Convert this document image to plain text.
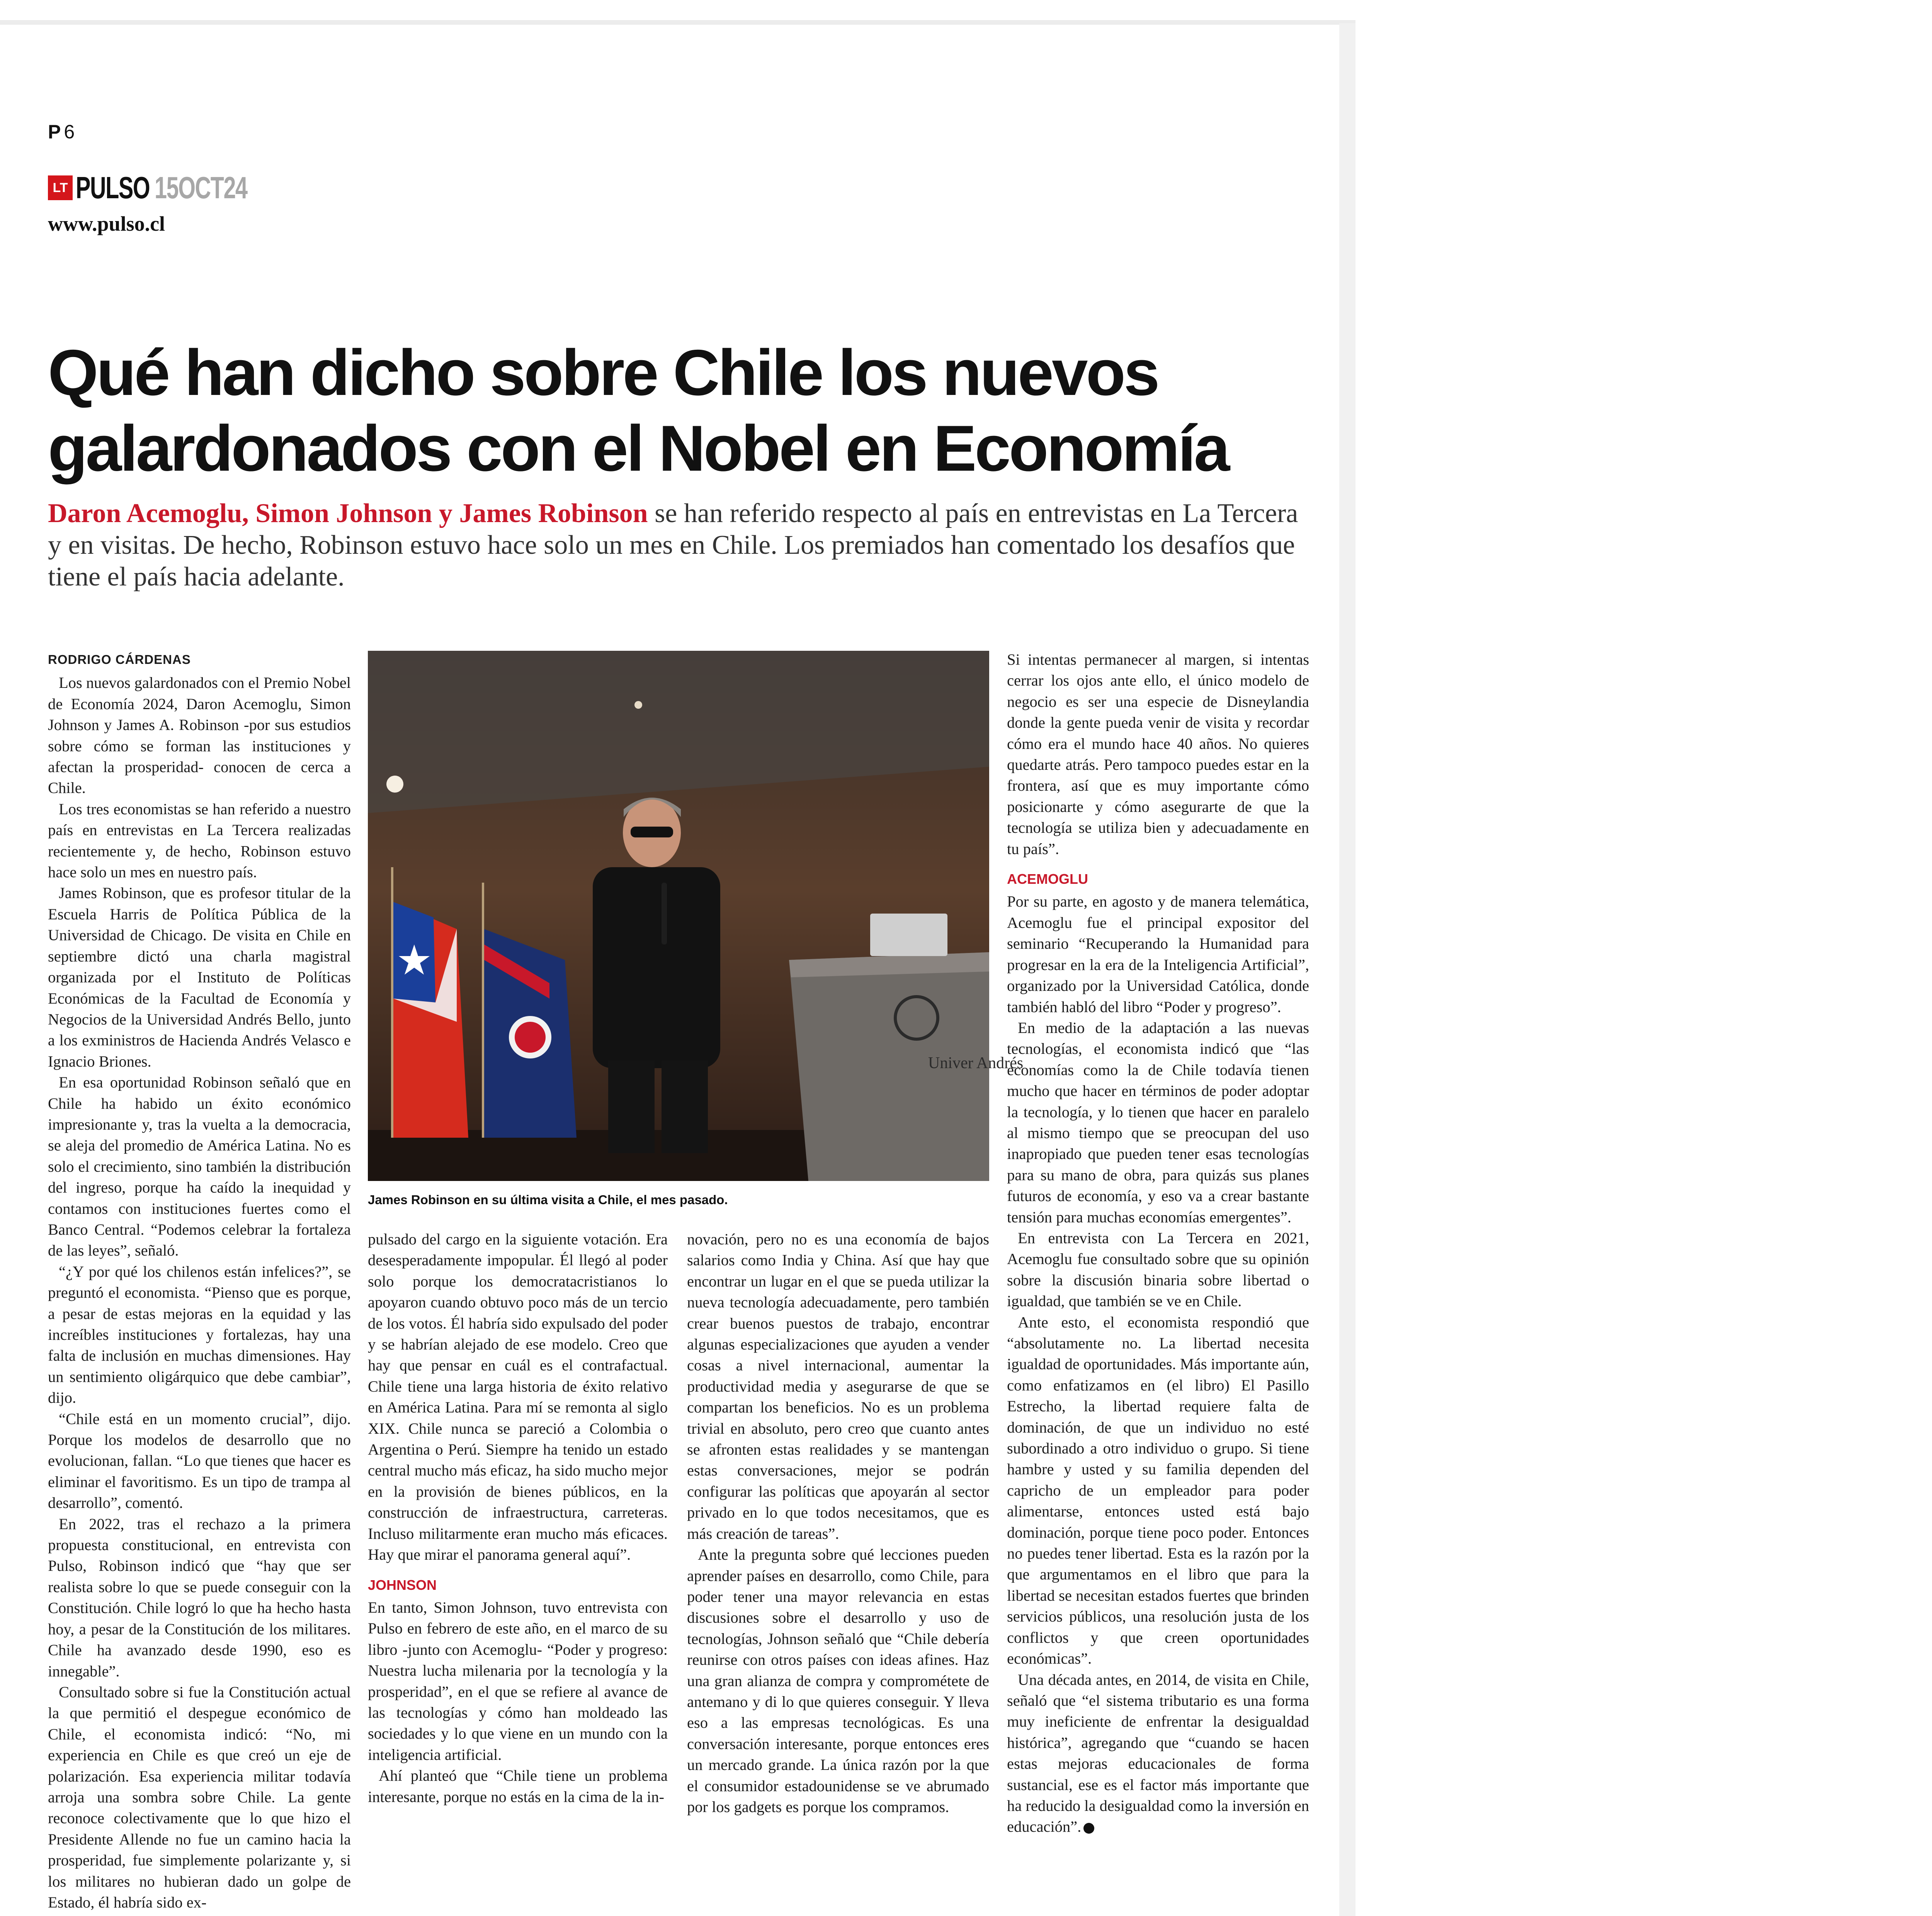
P 6
LT PULSO 15OCT24
www.pulso.cl
Qué han dicho sobre Chile los nuevos
galardonados con el Nobel en Economía

Daron Acemoglu, Simon Johnson y James Robinson se han referido respecto al país en entrevistas en La Tercera y en visitas. De hecho, Robinson estuvo hace solo un mes en Chile. Los premiados han comentado los desafíos que tiene el país hacia adelante.

RODRIGO CÁRDENAS

Los nuevos galardonados con el Premio Nobel de Economía 2024, Daron Acemoglu, Simon Johnson y James A. Robinson -por sus estudios sobre cómo se forman las instituciones y afectan la prosperidad- conocen de cerca a Chile.

Los tres economistas se han referido a nuestro país en entrevistas en La Tercera realizadas recientemente y, de hecho, Robinson estuvo hace solo un mes en nuestro país.

James Robinson, que es profesor titular de la Escuela Harris de Política Pública de la Universidad de Chicago. De visita en Chile en septiembre dictó una charla magistral organizada por el Instituto de Políticas Económicas de la Facultad de Economía y Negocios de la Universidad Andrés Bello, junto a los exministros de Hacienda Andrés Velasco e Ignacio Briones.

En esa oportunidad Robinson señaló que en Chile ha habido un éxito económico impresionante y, tras la vuelta a la democracia, se aleja del promedio de América Latina. No es solo el crecimiento, sino también la distribución del ingreso, porque ha caído la inequidad y contamos con instituciones fuertes como el Banco Central. “Podemos celebrar la fortaleza de las leyes”, señaló.

“¿Y por qué los chilenos están infelices?”, se preguntó el economista. “Pienso que es porque, a pesar de estas mejoras en la equidad y las increíbles instituciones y fortalezas, hay una falta de inclusión en muchas dimensiones. Hay un sentimiento oligárquico que debe cambiar”, dijo.

“Chile está en un momento crucial”, dijo. Porque los modelos de desarrollo que no evolucionan, fallan. “Lo que tienes que hacer es eliminar el favoritismo. Es un tipo de trampa al desarrollo”, comentó.

En 2022, tras el rechazo a la primera propuesta constitucional, en entrevista con Pulso, Robinson indicó que “hay que ser realista sobre lo que se puede conseguir con la Constitución. Chile logró lo que ha hecho hasta hoy, a pesar de la Constitución de los militares. Chile ha avanzado desde 1990, eso es innegable”.

Consultado sobre si fue la Constitución actual la que permitió el despegue económico de Chile, el economista indicó: “No, mi experiencia en Chile es que creó un eje de polarización. Esa experiencia militar todavía arroja una sombra sobre Chile. La gente reconoce colectivamente que lo que hizo el Presidente Allende no fue un camino hacia la prosperidad, fue simplemente polarizante y, si los militares no hubieran dado un golpe de Estado, él habría sido ex-

Univer Andrés
James Robinson en su última visita a Chile, el mes pasado.

pulsado del cargo en la siguiente votación. Era desesperadamente impopular. Él llegó al poder solo porque los democratacristianos lo apoyaron cuando obtuvo poco más de un tercio de los votos. Él habría sido expulsado del poder y se habrían alejado de ese modelo. Creo que hay que pensar en cuál es el contrafactual. Chile tiene una larga historia de éxito relativo en América Latina. Para mí se remonta al siglo XIX. Chile nunca se pareció a Colombia o Argentina o Perú. Siempre ha tenido un estado central mucho más eficaz, ha sido mucho mejor en la provisión de bienes públicos, en la construcción de infraestructura, carreteras. Incluso militarmente eran mucho más eficaces. Hay que mirar el panorama general aquí”.

JOHNSON

En tanto, Simon Johnson, tuvo entrevista con Pulso en febrero de este año, en el marco de su libro -junto con Acemoglu- “Poder y progreso: Nuestra lucha milenaria por la tecnología y la prosperidad”, en el que se refiere al avance de las tecnologías y cómo han moldeado las sociedades y lo que viene en un mundo con la inteligencia artificial.

Ahí planteó que “Chile tiene un problema interesante, porque no estás en la cima de la in-

novación, pero no es una economía de bajos salarios como India y China. Así que hay que encontrar un lugar en el que se pueda utilizar la nueva tecnología adecuadamente, pero también crear buenos puestos de trabajo, encontrar algunas especializaciones que ayuden a vender cosas a nivel internacional, aumentar la productividad media y asegurarse de que se compartan los beneficios. No es un problema trivial en absoluto, pero creo que cuanto antes se afronten estas realidades y se mantengan estas conversaciones, mejor se podrán configurar las políticas que apoyarán al sector privado en lo que todos necesitamos, que es más creación de tareas”.

Ante la pregunta sobre qué lecciones pueden aprender países en desarrollo, como Chile, para poder tener una mayor relevancia en estas discusiones sobre el desarrollo y uso de tecnologías, Johnson señaló que “Chile debería reunirse con otros países con ideas afines. Haz una gran alianza de compra y comprométete de antemano y di lo que quieres conseguir. Y lleva eso a las empresas tecnológicas. Es una conversación interesante, porque entonces eres un mercado grande. La única razón por la que el consumidor estadounidense se ve abrumado por los gadgets es porque los compramos.

Si intentas permanecer al margen, si intentas cerrar los ojos ante ello, el único modelo de negocio es ser una especie de Disneylandia donde la gente pueda venir de visita y recordar cómo era el mundo hace 40 años. No quieres quedarte atrás. Pero tampoco puedes estar en la frontera, así que es muy importante cómo posicionarte y cómo asegurarte de que la tecnología se utiliza bien y adecuadamente en tu país”.

ACEMOGLU

Por su parte, en agosto y de manera telemática, Acemoglu fue el principal expositor del seminario “Recuperando la Humanidad para progresar en la era de la Inteligencia Artificial”, organizado por la Universidad Católica, donde también habló del libro “Poder y progreso”.

En medio de la adaptación a las nuevas tecnologías, el economista indicó que “las economías como la de Chile todavía tienen mucho que hacer en términos de poder adoptar la tecnología, y lo tienen que hacer en paralelo al mismo tiempo que se preocupan del uso inapropiado que pueden tener esas tecnologías para su mano de obra, para quizás sus planes futuros de economía, y eso va a crear bastante tensión para muchas economías emergentes”.

En entrevista con La Tercera en 2021, Acemoglu fue consultado sobre que su opinión sobre la discusión binaria sobre libertad o igualdad, que también se ve en Chile.

Ante esto, el economista respondió que “absolutamente no. La libertad necesita igualdad de oportunidades. Más importante aún, como enfatizamos en (el libro) El Pasillo Estrecho, la libertad requiere falta de dominación, de que un individuo no esté subordinado a otro individuo o grupo. Si tiene hambre y usted y su familia dependen del capricho de un empleador para poder alimentarse, entonces usted está bajo dominación, porque tiene poco poder. Entonces no puedes tener libertad. Esta es la razón por la que argumentamos en el libro que para la libertad se necesitan estados fuertes que brinden servicios públicos, una resolución justa de los conflictos y que creen oportunidades económicas”.

Una década antes, en 2014, de visita en Chile, señaló que “el sistema tributario es una forma muy ineficiente de enfrentar la desigualdad histórica”, agregando que “cuando se hacen estas mejoras educacionales de forma sustancial, ese es el factor más importante que ha reducido la desigualdad como la inversión en educación”. P
